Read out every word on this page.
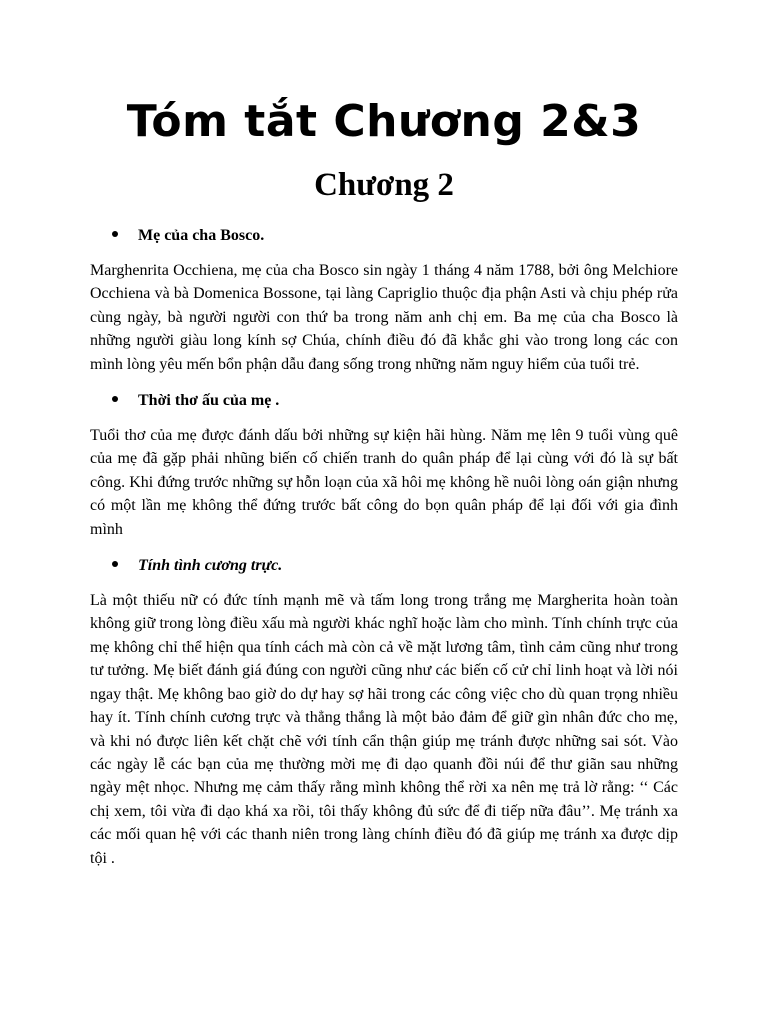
Tóm tắt Chương 2&3
Chương 2
Mẹ của cha Bosco.

Marghenrita Occhiena, mẹ của cha Bosco sin ngày 1 tháng 4 năm 1788, bởi ông Melchiore Occhiena và bà Domenica Bossone, tại làng Capriglio thuộc địa phận Asti và chịu phép rửa cùng ngày, bà người người con thứ ba trong năm anh chị em. Ba mẹ của cha Bosco là những người giàu long kính sợ Chúa, chính điều đó đã khắc ghi vào trong long các con mình lòng yêu mến bổn phận dẫu đang sống trong những năm nguy hiểm của tuổi trẻ.

Thời thơ ấu của mẹ .

Tuổi thơ của mẹ được đánh dấu bởi những sự kiện hãi hùng. Năm mẹ lên 9 tuổi vùng quê của mẹ đã gặp phải nhũng biến cố chiến tranh do quân pháp để lại cùng với đó là sự bất công. Khi đứng trước những sự hỗn loạn của xã hôi mẹ không hề nuôi lòng oán giận nhưng có một lần mẹ không thể đứng trước bất công do bọn quân pháp để lại đối với gia đình mình

Tính tình cương trực.

Là một thiếu nữ có đức tính mạnh mẽ và tấm long trong trắng mẹ Margherita hoàn toàn không giữ trong lòng điều xấu mà người khác nghĩ hoặc làm cho mình. Tính chính trực của mẹ không chỉ thể hiện qua tính cách mà còn cả về mặt lương tâm, tình cảm cũng như trong tư tưởng. Mẹ biết đánh giá đúng con người cũng như các biến cố cử chỉ linh hoạt và lời nói ngay thật. Mẹ không bao giờ do dự hay sợ hãi trong các công việc cho dù quan trọng nhiều hay ít. Tính chính cương trực và thẳng thắng là một bảo đảm để giữ gìn nhân đức cho mẹ, và khi nó được liên kết chặt chẽ với tính cẩn thận giúp mẹ tránh được những sai sót. Vào các ngày lễ các bạn của mẹ thường mời mẹ đi dạo quanh đồi núi để thư giãn sau những ngày mệt nhọc. Nhưng mẹ cảm thấy rằng mình không thể rời xa nên mẹ trả lờ rằng: ‘‘ Các chị xem, tôi vừa đi dạo khá xa rồi, tôi thấy không đủ sức để đi tiếp nữa đâu’’. Mẹ tránh xa các mối quan hệ với các thanh niên trong làng chính điều đó đã giúp mẹ tránh xa được dịp tội .
